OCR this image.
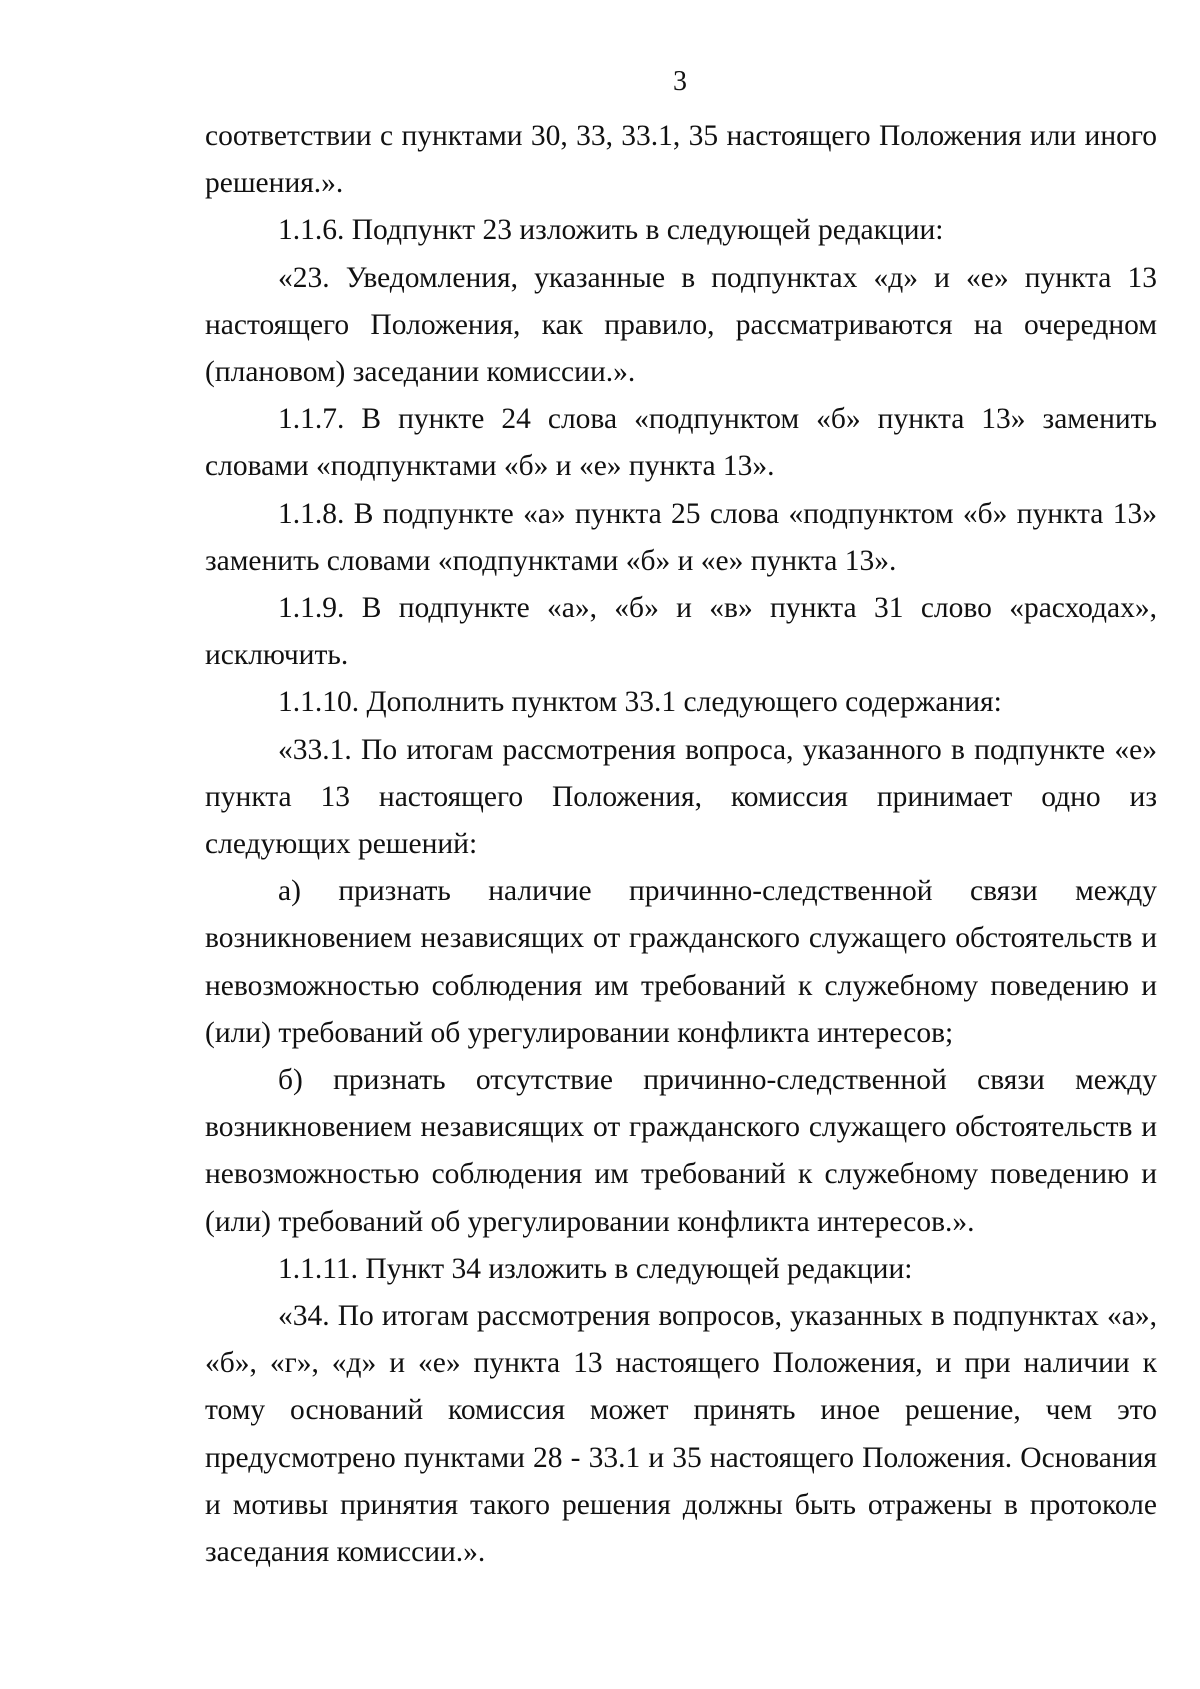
3

соответствии с пунктами 30, 33, 33.1, 35 настоящего Положения или иного решения.».

1.1.6. Подпункт 23 изложить в следующей редакции:

«23. Уведомления, указанные в подпунктах «д» и «е» пункта 13 настоящего Положения, как правило, рассматриваются на очередном (плановом) заседании комиссии.».

1.1.7. В пункте 24 слова «подпунктом «б» пункта 13» заменить словами «подпунктами «б» и «е» пункта 13».

1.1.8. В подпункте «а» пункта 25 слова «подпунктом «б» пункта 13» заменить словами «подпунктами «б» и «е» пункта 13».

1.1.9. В подпункте «а», «б» и «в» пункта 31 слово «расходах», исключить.

1.1.10. Дополнить пунктом 33.1 следующего содержания:

«33.1. По итогам рассмотрения вопроса, указанного в подпункте «е» пункта 13 настоящего Положения, комиссия принимает одно из следующих решений:

а) признать наличие причинно-следственной связи между возникновением независящих от гражданского служащего обстоятельств и невозможностью соблюдения им требований к служебному поведению и (или) требований об урегулировании конфликта интересов;

б) признать отсутствие причинно-следственной связи между возникновением независящих от гражданского служащего обстоятельств и невозможностью соблюдения им требований к служебному поведению и (или) требований об урегулировании конфликта интересов.».

1.1.11. Пункт 34 изложить в следующей редакции:

«34. По итогам рассмотрения вопросов, указанных в подпунктах «а», «б», «г», «д» и «е» пункта 13 настоящего Положения, и при наличии к тому оснований комиссия может принять иное решение, чем это предусмотрено пунктами 28 - 33.1 и 35 настоящего Положения. Основания и мотивы принятия такого решения должны быть отражены в протоколе заседания комиссии.».
